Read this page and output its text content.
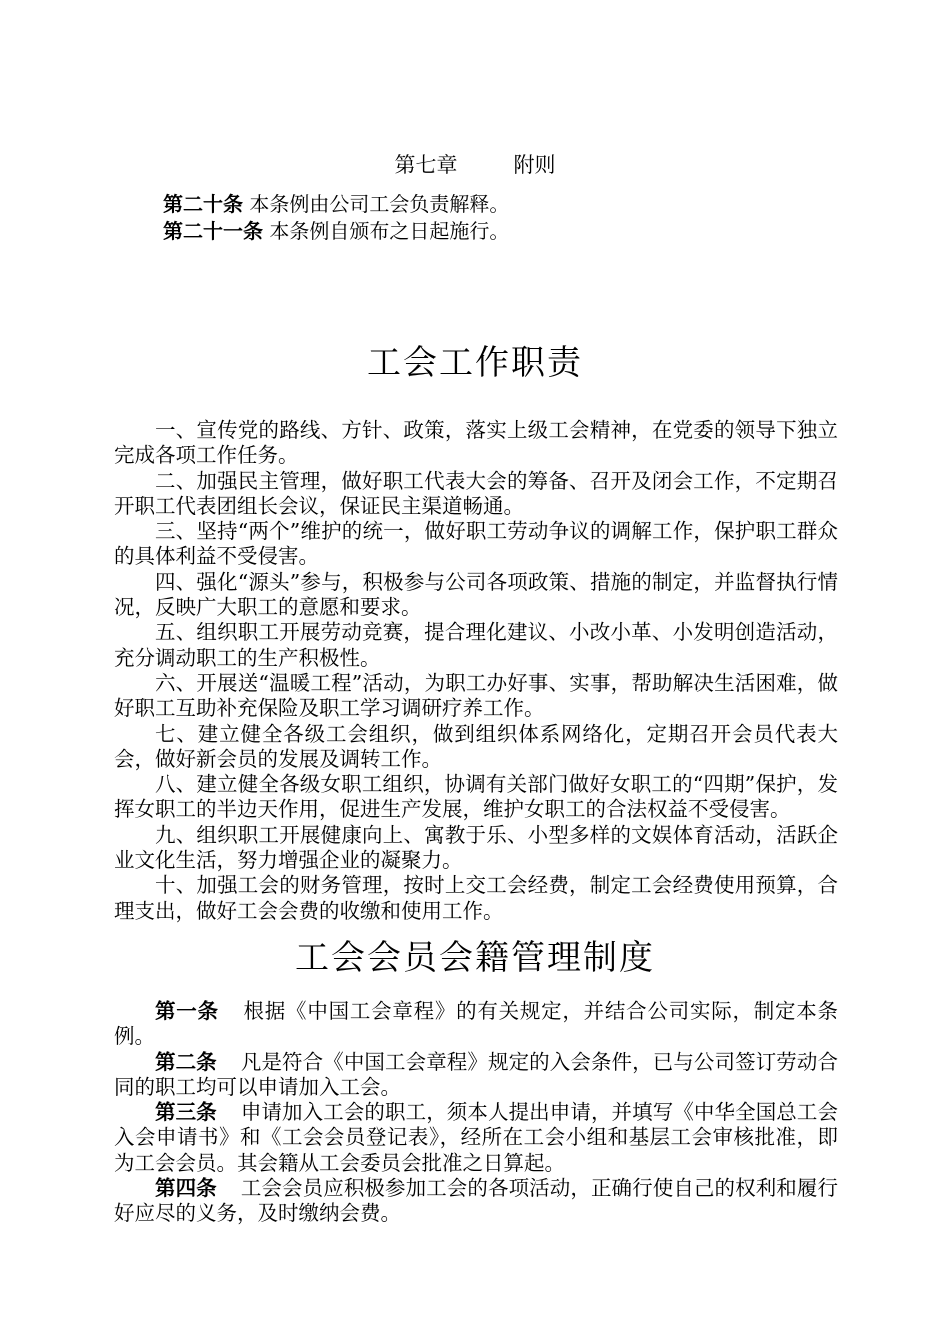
第七章	附则
第二十条 本条例由公司工会负责解释。
第二十一条 本条例自颁布之日起施行。
工会工作职责

一、宣传党的路线、方针、政策，落实上级工会精神，在党委的领导下独立完成各项工作任务。

二、加强民主管理，做好职工代表大会的筹备、召开及闭会工作，不定期召开职工代表团组长会议，保证民主渠道畅通。

三、坚持“两个”维护的统一，做好职工劳动争议的调解工作，保护职工群众的具体利益不受侵害。

四、强化“源头”参与，积极参与公司各项政策、措施的制定，并监督执行情况，反映广大职工的意愿和要求。

五、组织职工开展劳动竞赛，提合理化建议、小改小革、小发明创造活动，充分调动职工的生产积极性。

六、开展送“温暖工程”活动，为职工办好事、实事，帮助解决生活困难，做好职工互助补充保险及职工学习调研疗养工作。

七、建立健全各级工会组织，做到组织体系网络化，定期召开会员代表大会，做好新会员的发展及调转工作。

八、建立健全各级女职工组织，协调有关部门做好女职工的“四期”保护，发挥女职工的半边天作用，促进生产发展，维护女职工的合法权益不受侵害。

九、组织职工开展健康向上、寓教于乐、小型多样的文娱体育活动，活跃企业文化生活，努力增强企业的凝聚力。

十、加强工会的财务管理，按时上交工会经费，制定工会经费使用预算，合理支出，做好工会会费的收缴和使用工作。

工会会员会籍管理制度

第一条 根据《中国工会章程》的有关规定，并结合公司实际，制定本条例。

第二条 凡是符合《中国工会章程》规定的入会条件，已与公司签订劳动合同的职工均可以申请加入工会。

第三条 申请加入工会的职工，须本人提出申请，并填写《中华全国总工会入会申请书》和《工会会员登记表》，经所在工会小组和基层工会审核批准，即为工会会员。其会籍从工会委员会批准之日算起。

第四条 工会会员应积极参加工会的各项活动，正确行使自己的权利和履行好应尽的义务，及时缴纳会费。
